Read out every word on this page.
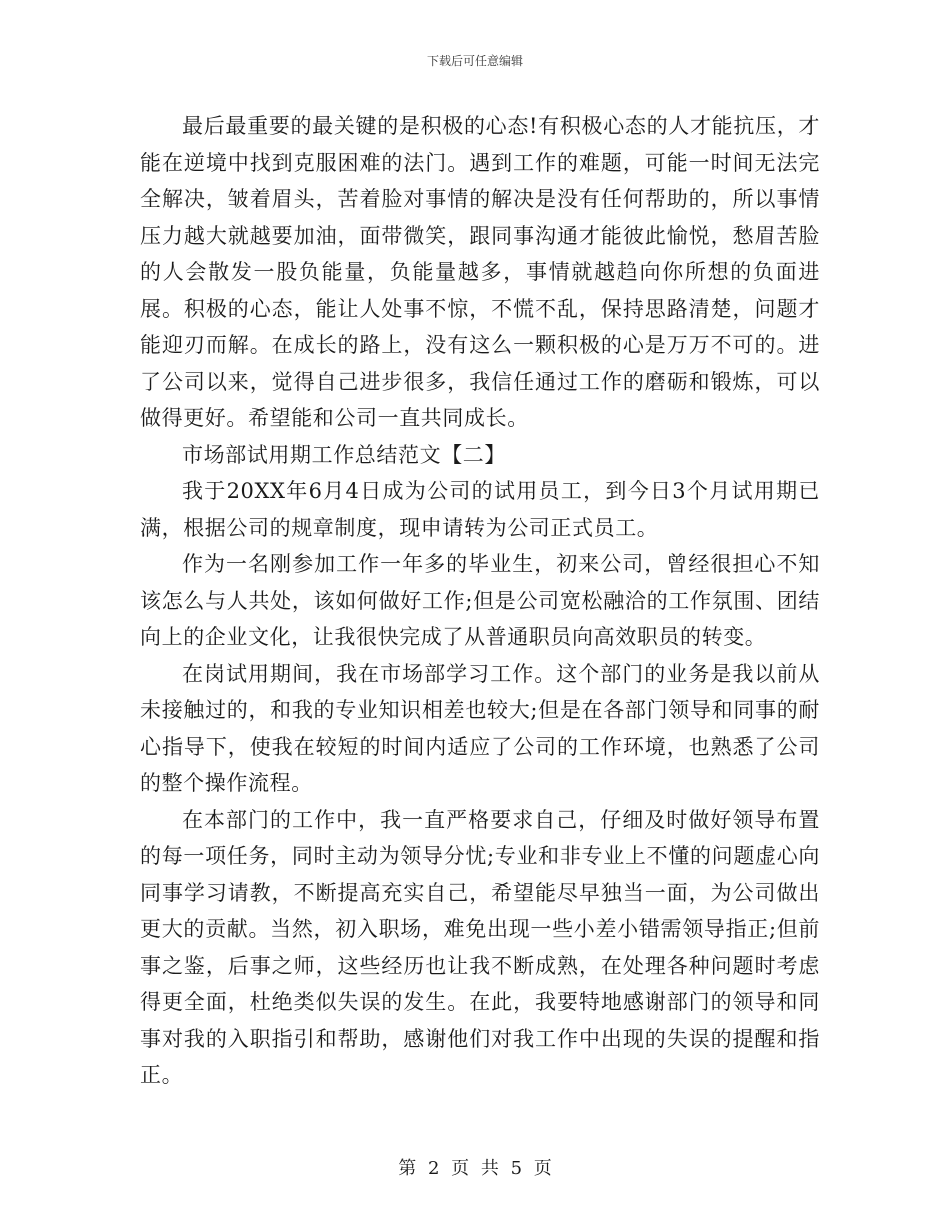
下载后可任意编辑

最后最重要的最关键的是积极的心态!有积极心态的人才能抗压，才能在逆境中找到克服困难的法门。遇到工作的难题，可能一时间无法完全解决，皱着眉头，苦着脸对事情的解决是没有任何帮助的，所以事情压力越大就越要加油，面带微笑，跟同事沟通才能彼此愉悦，愁眉苦脸的人会散发一股负能量，负能量越多，事情就越趋向你所想的负面进展。积极的心态，能让人处事不惊，不慌不乱，保持思路清楚，问题才能迎刃而解。在成长的路上，没有这么一颗积极的心是万万不可的。进了公司以来，觉得自己进步很多，我信任通过工作的磨砺和锻炼，可以做得更好。希望能和公司一直共同成长。

市场部试用期工作总结范文【二】

我于20XX年6月4日成为公司的试用员工，到今日3个月试用期已满，根据公司的规章制度，现申请转为公司正式员工。

作为一名刚参加工作一年多的毕业生，初来公司，曾经很担心不知该怎么与人共处，该如何做好工作;但是公司宽松融洽的工作氛围、团结向上的企业文化，让我很快完成了从普通职员向高效职员的转变。

在岗试用期间，我在市场部学习工作。这个部门的业务是我以前从未接触过的，和我的专业知识相差也较大;但是在各部门领导和同事的耐心指导下，使我在较短的时间内适应了公司的工作环境，也熟悉了公司的整个操作流程。

在本部门的工作中，我一直严格要求自己，仔细及时做好领导布置的每一项任务，同时主动为领导分忧;专业和非专业上不懂的问题虚心向同事学习请教，不断提高充实自己，希望能尽早独当一面，为公司做出更大的贡献。当然，初入职场，难免出现一些小差小错需领导指正;但前事之鉴，后事之师，这些经历也让我不断成熟，在处理各种问题时考虑得更全面，杜绝类似失误的发生。在此，我要特地感谢部门的领导和同事对我的入职指引和帮助，感谢他们对我工作中出现的失误的提醒和指正。

第 2 页 共 5 页
